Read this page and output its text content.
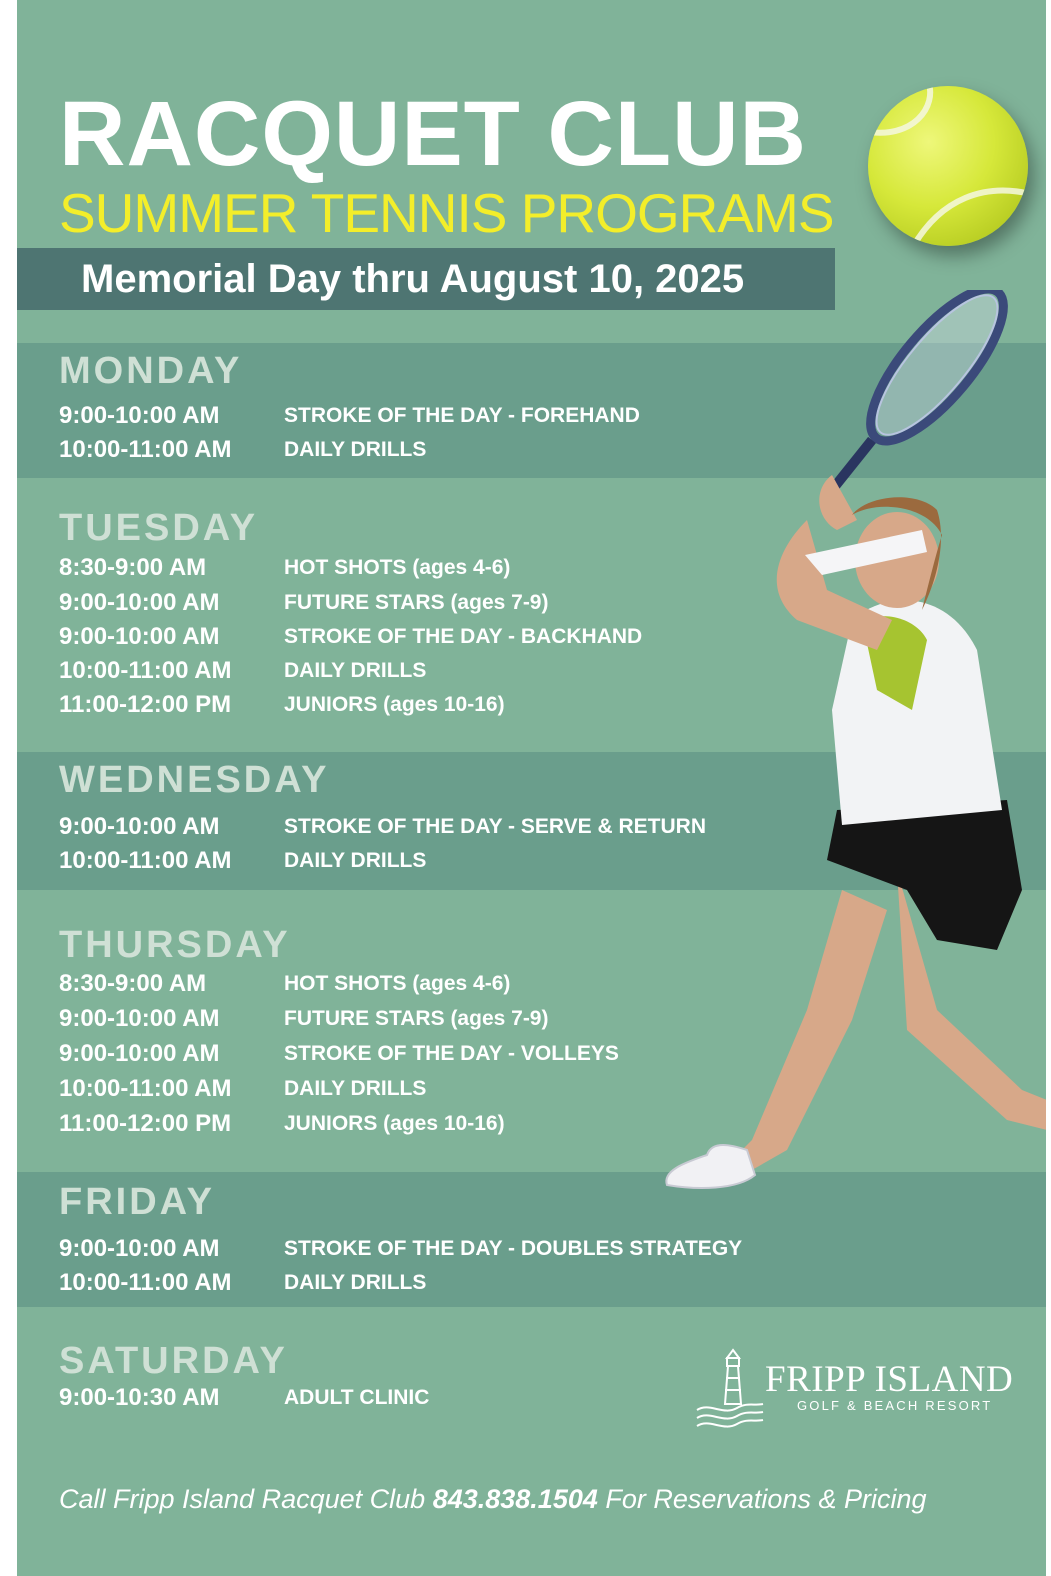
RACQUET CLUB
SUMMER TENNIS PROGRAMS
Memorial Day thru August 10, 2025
MONDAY
9:00-10:00 AM	STROKE OF THE DAY - FOREHAND
10:00-11:00 AM DAILY DRILLS
TUESDAY
8:30-9:00 AM	HOT SHOTS (ages 4-6)
9:00-10:00 AM	FUTURE STARS (ages 7-9)
9:00-10:00 AM	STROKE OF THE DAY - BACKHAND
10:00-11:00 AM DAILY DRILLS
11:00-12:00 PM	JUNIORS (ages 10-16)
WEDNESDAY
9:00-10:00 AM	STROKE OF THE DAY - SERVE & RETURN
10:00-11:00 AM DAILY DRILLS
THURSDAY
8:30-9:00 AM	HOT SHOTS (ages 4-6)
9:00-10:00 AM	FUTURE STARS (ages 7-9)
9:00-10:00 AM	STROKE OF THE DAY - VOLLEYS
10:00-11:00 AM DAILY DRILLS
11:00-12:00 PM	JUNIORS (ages 10-16)
FRIDAY
9:00-10:00 AM	STROKE OF THE DAY - DOUBLES STRATEGY
10:00-11:00 AM DAILY DRILLS
SATURDAY
9:00-10:30 AM	ADULT CLINIC	FRIPP ISLAND
GOLF & BEACH RESORT
Call Fripp Island Racquet Club 843.838.1504 For Reservations & Pricing
